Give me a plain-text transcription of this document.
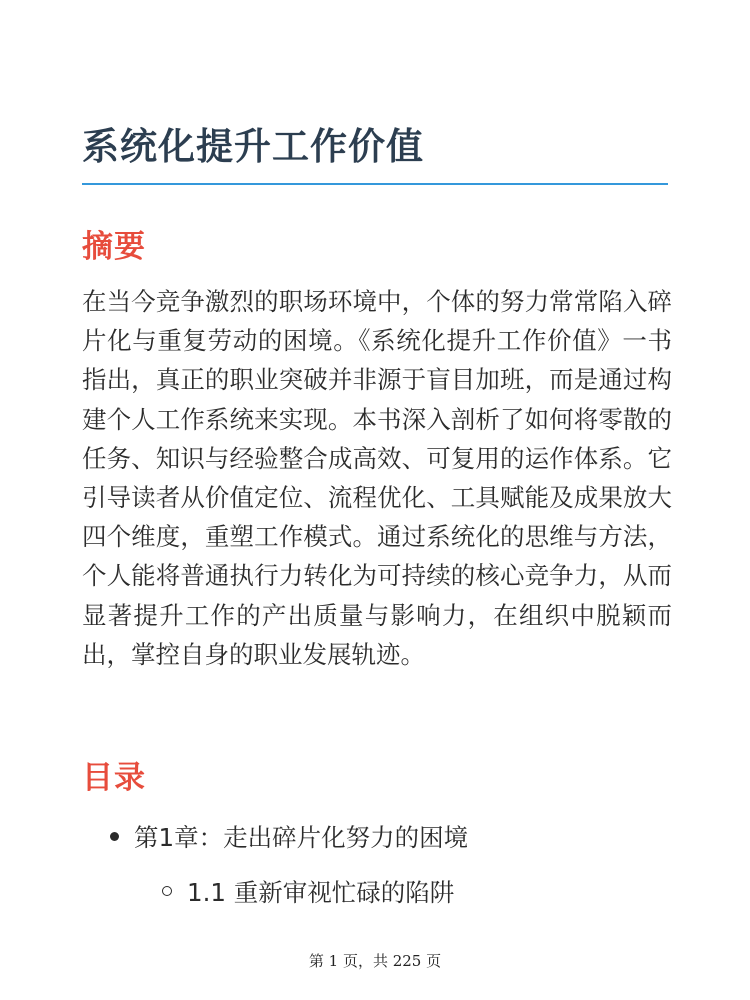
系统化提升工作价值
摘要

在当今竞争激烈的职场环境中，个体的努力常常陷入碎片化与重复劳动的困境。《系统化提升工作价值》一书指出，真正的职业突破并非源于盲目加班，而是通过构建个人工作系统来实现。本书深入剖析了如何将零散的任务、知识与经验整合成高效、可复用的运作体系。它引导读者从价值定位、流程优化、工具赋能及成果放大四个维度，重塑工作模式。通过系统化的思维与方法，个人能将普通执行力转化为可持续的核心竞争力，从而显著提升工作的产出质量与影响力，在组织中脱颖而出，掌控自身的职业发展轨迹。

目录
第1章：走出碎片化努力的困境
1.1 重新审视忙碌的陷阱
第 1 页，共 225 页
